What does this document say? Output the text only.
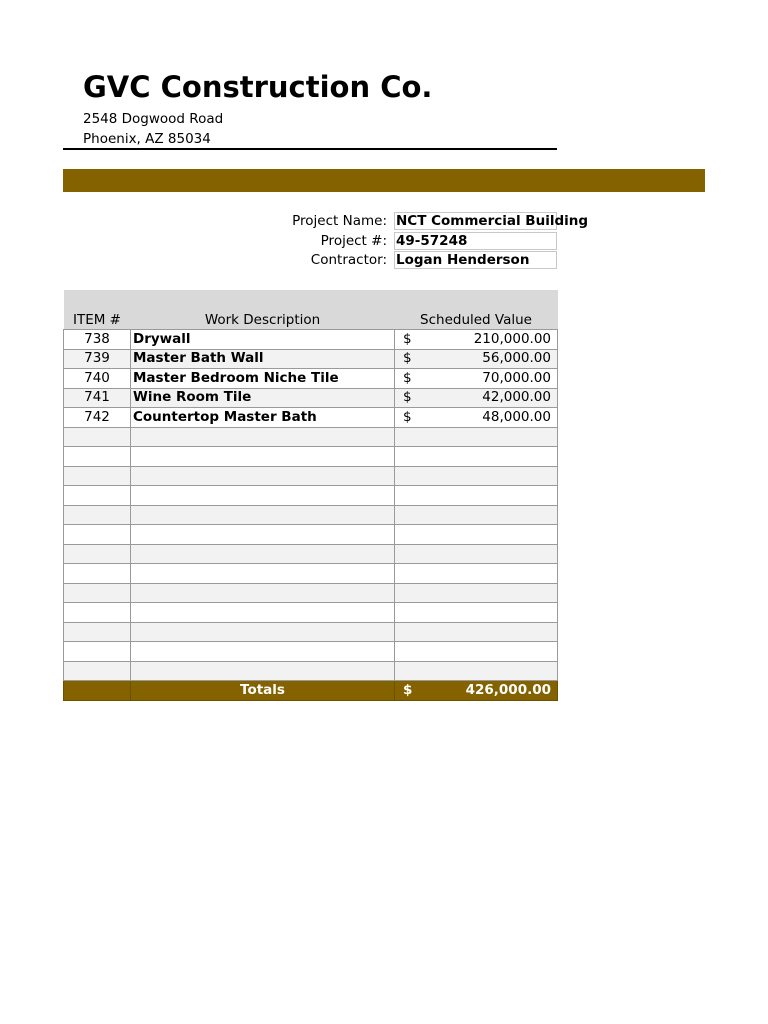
GVC Construction Co.
2548 Dogwood Road
Phoenix, AZ 85034
Project Name: NCT Commercial Building
Project #: 49-57248
Contractor: Logan Henderson
ITEM #	Work Description	Scheduled Value
738	Drywall	$ 210,000.00

739	Master Bath Wall	$ 56,000.00

740	Master Bedroom Niche Tile	$ 70,000.00

741	Wine Room Tile	$ 42,000.00

742	Countertop Master Bath	$ 48,000.00

	Totals	$ 426,000.00
